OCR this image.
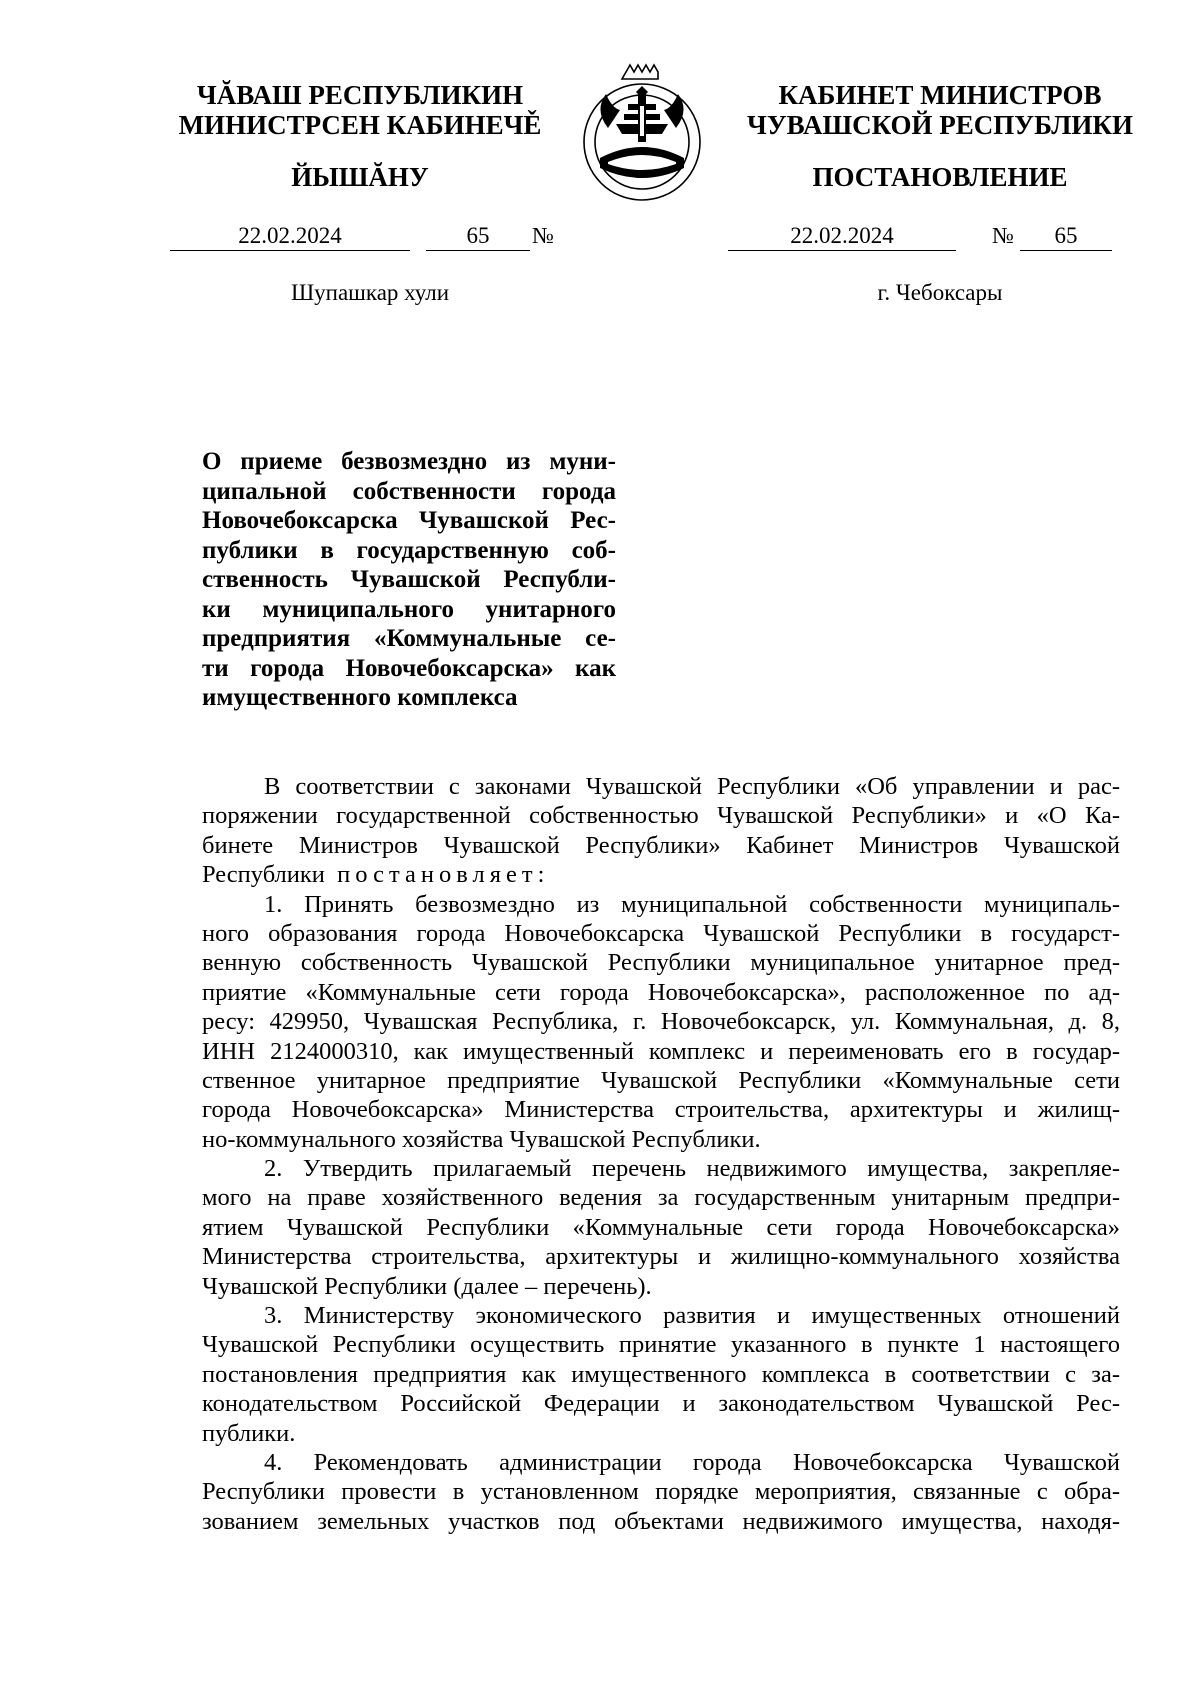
ЧĂВАШ РЕСПУБЛИКИН
МИНИСТРСЕН КАБИНЕЧĚ
ЙЫШĂНУ
КАБИНЕТ МИНИСТРОВ
ЧУВАШСКОЙ РЕСПУБЛИКИ
ПОСТАНОВЛЕНИЕ
22.02.2024	65	№	22.02.2024	№	65
Шупашкар хули	г. Чебоксары
О приеме безвозмездно из муни-
ципальной собственности города
Новочебоксарска Чувашской Рес-
публики в государственную соб-
ственность Чувашской Республи-
ки муниципального унитарного
предприятия «Коммунальные се-
ти города Новочебоксарска» как
имущественного комплекса
В соответствии с законами Чувашской Республики «Об управлении и рас-
поряжении государственной собственностью Чувашской Республики» и «О Ка-
бинете Министров Чувашской Республики» Кабинет Министров Чувашской
Республики постановляет:
1. Принять безвозмездно из муниципальной собственности муниципаль-
ного образования города Новочебоксарска Чувашской Республики в государст-
венную собственность Чувашской Республики муниципальное унитарное пред-
приятие «Коммунальные сети города Новочебоксарска», расположенное по ад-
ресу: 429950, Чувашская Республика, г. Новочебоксарск, ул. Коммунальная, д. 8,
ИНН 2124000310, как имущественный комплекс и переименовать его в государ-
ственное унитарное предприятие Чувашской Республики «Коммунальные сети
города Новочебоксарска» Министерства строительства, архитектуры и жилищ-
но-коммунального хозяйства Чувашской Республики.
2. Утвердить прилагаемый перечень недвижимого имущества, закрепляе-
мого на праве хозяйственного ведения за государственным унитарным предпри-
ятием Чувашской Республики «Коммунальные сети города Новочебоксарска»
Министерства строительства, архитектуры и жилищно-коммунального хозяйства
Чувашской Республики (далее – перечень).
3. Министерству экономического развития и имущественных отношений
Чувашской Республики осуществить принятие указанного в пункте 1 настоящего
постановления предприятия как имущественного комплекса в соответствии с за-
конодательством Российской Федерации и законодательством Чувашской Рес-
публики.
4. Рекомендовать администрации города Новочебоксарска Чувашской
Республики провести в установленном порядке мероприятия, связанные с обра-
зованием земельных участков под объектами недвижимого имущества, находя-
